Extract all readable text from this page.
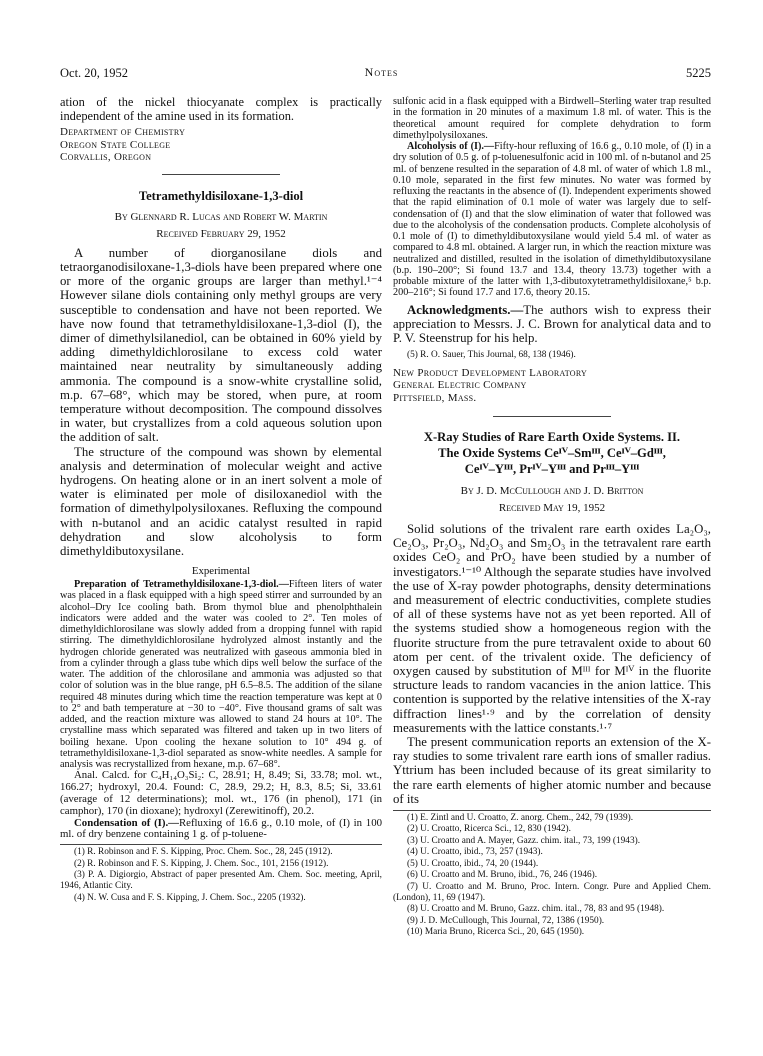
Oct. 20, 1952	Notes	5225

ation of the nickel thiocyanate complex is practically independent of the amine used in its formation.

Department of Chemistry
Oregon State College
Corvallis, Oregon
Tetramethyldisiloxane-1,3-diol
By Glennard R. Lucas and Robert W. Martin
Received February 29, 1952

A number of diorganosilane diols and tetraorganodisiloxane-1,3-diols have been prepared where one or more of the organic groups are larger than methyl.¹⁻⁴ However silane diols containing only methyl groups are very susceptible to condensation and have not been reported. We have now found that tetramethyldisiloxane-1,3-diol (I), the dimer of dimethylsilanediol, can be obtained in 60% yield by adding dimethyldichlorosilane to excess cold water maintained near neutrality by simultaneously adding ammonia. The compound is a snow-white crystalline solid, m.p. 67–68°, which may be stored, when pure, at room temperature without decomposition. The compound dissolves in water, but crystallizes from a cold aqueous solution upon the addition of salt.

The structure of the compound was shown by elemental analysis and determination of molecular weight and active hydrogens. On heating alone or in an inert solvent a mole of water is eliminated per mole of disiloxanediol with the formation of dimethylpolysiloxanes. Refluxing the compound with n-butanol and an acidic catalyst resulted in rapid dehydration and slow alcoholysis to form dimethyldibutoxysilane.

Experimental

Preparation of Tetramethyldisiloxane-1,3-diol.—Fifteen liters of water was placed in a flask equipped with a high speed stirrer and surrounded by an alcohol–Dry Ice cooling bath. Brom thymol blue and phenolphthalein indicators were added and the water was cooled to 2°. Ten moles of dimethyldichlorosilane was slowly added from a dropping funnel with rapid stirring. The dimethyldichlorosilane hydrolyzed almost instantly and the hydrogen chloride generated was neutralized with gaseous ammonia bled in from a cylinder through a glass tube which dips well below the surface of the water. The addition of the chlorosilane and ammonia was adjusted so that color of solution was in the blue range, pH 6.5–8.5. The addition of the silane required 48 minutes during which time the reaction temperature was kept at 0 to 2° and bath temperature at −30 to −40°. Five thousand grams of salt was added, and the reaction mixture was allowed to stand 24 hours at 10°. The crystalline mass which separated was filtered and taken up in two liters of boiling hexane. Upon cooling the hexane solution to 10° 494 g. of tetramethyldisiloxane-1,3-diol separated as snow-white needles. A sample for analysis was recrystallized from hexane, m.p. 67–68°.

Anal. Calcd. for C₄H₁₄O₃Si₂: C, 28.91; H, 8.49; Si, 33.78; mol. wt., 166.27; hydroxyl, 20.4. Found: C, 28.9, 29.2; H, 8.3, 8.5; Si, 33.61 (average of 12 determinations); mol. wt., 176 (in phenol), 171 (in camphor), 170 (in dioxane); hydroxyl (Zerewitinoff), 20.2.

Condensation of (I).—Refluxing of 16.6 g., 0.10 mole, of (I) in 100 ml. of dry benzene containing 1 g. of p-toluene-

(1) R. Robinson and F. S. Kipping, Proc. Chem. Soc., 28, 245 (1912).

(2) R. Robinson and F. S. Kipping, J. Chem. Soc., 101, 2156 (1912).

(3) P. A. Digiorgio, Abstract of paper presented Am. Chem. Soc. meeting, April, 1946, Atlantic City.

(4) N. W. Cusa and F. S. Kipping, J. Chem. Soc., 2205 (1932).

sulfonic acid in a flask equipped with a Birdwell–Sterling water trap resulted in the formation in 20 minutes of a maximum 1.8 ml. of water. This is the theoretical amount required for complete dehydration to form dimethylpolysiloxanes.

Alcoholysis of (I).—Fifty-hour refluxing of 16.6 g., 0.10 mole, of (I) in a dry solution of 0.5 g. of p-toluenesulfonic acid in 100 ml. of n-butanol and 25 ml. of benzene resulted in the separation of 4.8 ml. of water of which 1.8 ml., 0.10 mole, separated in the first few minutes. No water was formed by refluxing the reactants in the absence of (I). Independent experiments showed that the rapid elimination of 0.1 mole of water was largely due to self-condensation of (I) and that the slow elimination of water that followed was due to the alcoholysis of the condensation products. Complete alcoholysis of 0.1 mole of (I) to dimethyldibutoxysilane would yield 5.4 ml. of water as compared to 4.8 ml. obtained. A larger run, in which the reaction mixture was neutralized and distilled, resulted in the isolation of dimethyldibutoxysilane (b.p. 190–200°; Si found 13.7 and 13.4, theory 13.73) together with a probable mixture of the latter with 1,3-dibutoxytetramethyldisiloxane,⁵ b.p. 200–216°; Si found 17.7 and 17.6, theory 20.15.

Acknowledgments.—The authors wish to express their appreciation to Messrs. J. C. Brown for analytical data and to P. V. Steenstrup for his help.

(5) R. O. Sauer, This Journal, 68, 138 (1946).

New Product Development Laboratory
General Electric Company
Pittsfield, Mass.
X-Ray Studies of Rare Earth Oxide Systems. II.
The Oxide Systems Ceᴵⱽ–Smᴵᴵᴵ, Ceᴵⱽ–Gdᴵᴵᴵ,
Ceᴵⱽ–Yᴵᴵᴵ, Prᴵⱽ–Yᴵᴵᴵ and Prᴵᴵᴵ–Yᴵᴵᴵ
By J. D. McCullough and J. D. Britton
Received May 19, 1952

Solid solutions of the trivalent rare earth oxides La₂O₃, Ce₂O₃, Pr₂O₃, Nd₂O₃ and Sm₂O₃ in the tetravalent rare earth oxides CeO₂ and PrO₂ have been studied by a number of investigators.¹⁻¹⁰ Although the separate studies have involved the use of X-ray powder photographs, density determinations and measurement of electric conductivities, complete studies of all of these systems have not as yet been reported. All of the systems studied show a homogeneous region with the fluorite structure from the pure tetravalent oxide to about 60 atom per cent. of the trivalent oxide. The deficiency of oxygen caused by substitution of Mᴵᴵᴵ for Mᴵⱽ in the fluorite structure leads to random vacancies in the anion lattice. This contention is supported by the relative intensities of the X-ray diffraction lines¹·⁹ and by the correlation of density measurements with the lattice constants.¹·⁷

The present communication reports an extension of the X-ray studies to some trivalent rare earth ions of smaller radius. Yttrium has been included because of its great similarity to the rare earth elements of higher atomic number and because of its

(1) E. Zintl and U. Croatto, Z. anorg. Chem., 242, 79 (1939).

(2) U. Croatto, Ricerca Sci., 12, 830 (1942).

(3) U. Croatto and A. Mayer, Gazz. chim. ital., 73, 199 (1943).

(4) U. Croatto, ibid., 73, 257 (1943).

(5) U. Croatto, ibid., 74, 20 (1944).

(6) U. Croatto and M. Bruno, ibid., 76, 246 (1946).

(7) U. Croatto and M. Bruno, Proc. Intern. Congr. Pure and Applied Chem. (London), 11, 69 (1947).

(8) U. Croatto and M. Bruno, Gazz. chim. ital., 78, 83 and 95 (1948).

(9) J. D. McCullough, This Journal, 72, 1386 (1950).

(10) Maria Bruno, Ricerca Sci., 20, 645 (1950).
